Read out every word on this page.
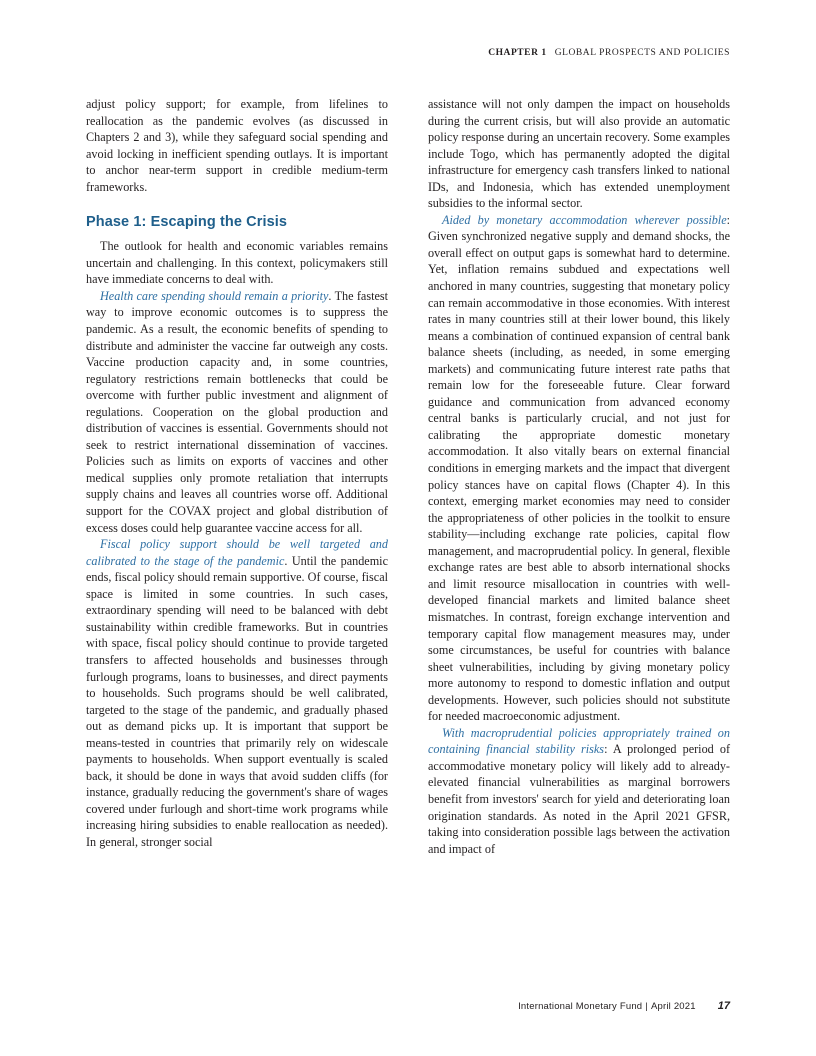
CHAPTER 1 GLOBAL PROSPECTS AND POLICIES

adjust policy support; for example, from lifelines to reallocation as the pandemic evolves (as discussed in Chapters 2 and 3), while they safeguard social spending and avoid locking in inefficient spending outlays. It is important to anchor near-term support in credible medium-term frameworks.

Phase 1: Escaping the Crisis

The outlook for health and economic variables remains uncertain and challenging. In this context, policymakers still have immediate concerns to deal with.

Health care spending should remain a priority. The fastest way to improve economic outcomes is to suppress the pandemic. As a result, the economic benefits of spending to distribute and administer the vaccine far outweigh any costs. Vaccine production capacity and, in some countries, regulatory restrictions remain bottlenecks that could be overcome with further public investment and alignment of regulations. Cooperation on the global production and distribution of vaccines is essential. Governments should not seek to restrict international dissemination of vaccines. Policies such as limits on exports of vaccines and other medical supplies only promote retaliation that interrupts supply chains and leaves all countries worse off. Additional support for the COVAX project and global distribution of excess doses could help guarantee vaccine access for all.

Fiscal policy support should be well targeted and calibrated to the stage of the pandemic. Until the pandemic ends, fiscal policy should remain supportive. Of course, fiscal space is limited in some countries. In such cases, extraordinary spending will need to be balanced with debt sustainability within credible frameworks. But in countries with space, fiscal policy should continue to provide targeted transfers to affected households and businesses through furlough programs, loans to businesses, and direct payments to households. Such programs should be well calibrated, targeted to the stage of the pandemic, and gradually phased out as demand picks up. It is important that support be means-tested in countries that primarily rely on widescale payments to households. When support eventually is scaled back, it should be done in ways that avoid sudden cliffs (for instance, gradually reducing the government's share of wages covered under furlough and short-time work programs while increasing hiring subsidies to enable reallocation as needed). In general, stronger social

assistance will not only dampen the impact on households during the current crisis, but will also provide an automatic policy response during an uncertain recovery. Some examples include Togo, which has permanently adopted the digital infrastructure for emergency cash transfers linked to national IDs, and Indonesia, which has extended unemployment subsidies to the informal sector.

Aided by monetary accommodation wherever possible: Given synchronized negative supply and demand shocks, the overall effect on output gaps is somewhat hard to determine. Yet, inflation remains subdued and expectations well anchored in many countries, suggesting that monetary policy can remain accommodative in those economies. With interest rates in many countries still at their lower bound, this likely means a combination of continued expansion of central bank balance sheets (including, as needed, in some emerging markets) and communicating future interest rate paths that remain low for the foreseeable future. Clear forward guidance and communication from advanced economy central banks is particularly crucial, and not just for calibrating the appropriate domestic monetary accommodation. It also vitally bears on external financial conditions in emerging markets and the impact that divergent policy stances have on capital flows (Chapter 4). In this context, emerging market economies may need to consider the appropriateness of other policies in the toolkit to ensure stability—including exchange rate policies, capital flow management, and macroprudential policy. In general, flexible exchange rates are best able to absorb international shocks and limit resource misallocation in countries with well-developed financial markets and limited balance sheet mismatches. In contrast, foreign exchange intervention and temporary capital flow management measures may, under some circumstances, be useful for countries with balance sheet vulnerabilities, including by giving monetary policy more autonomy to respond to domestic inflation and output developments. However, such policies should not substitute for needed macroeconomic adjustment.

With macroprudential policies appropriately trained on containing financial stability risks: A prolonged period of accommodative monetary policy will likely add to already-elevated financial vulnerabilities as marginal borrowers benefit from investors' search for yield and deteriorating loan origination standards. As noted in the April 2021 GFSR, taking into consideration possible lags between the activation and impact of

International Monetary Fund | April 2021 17
